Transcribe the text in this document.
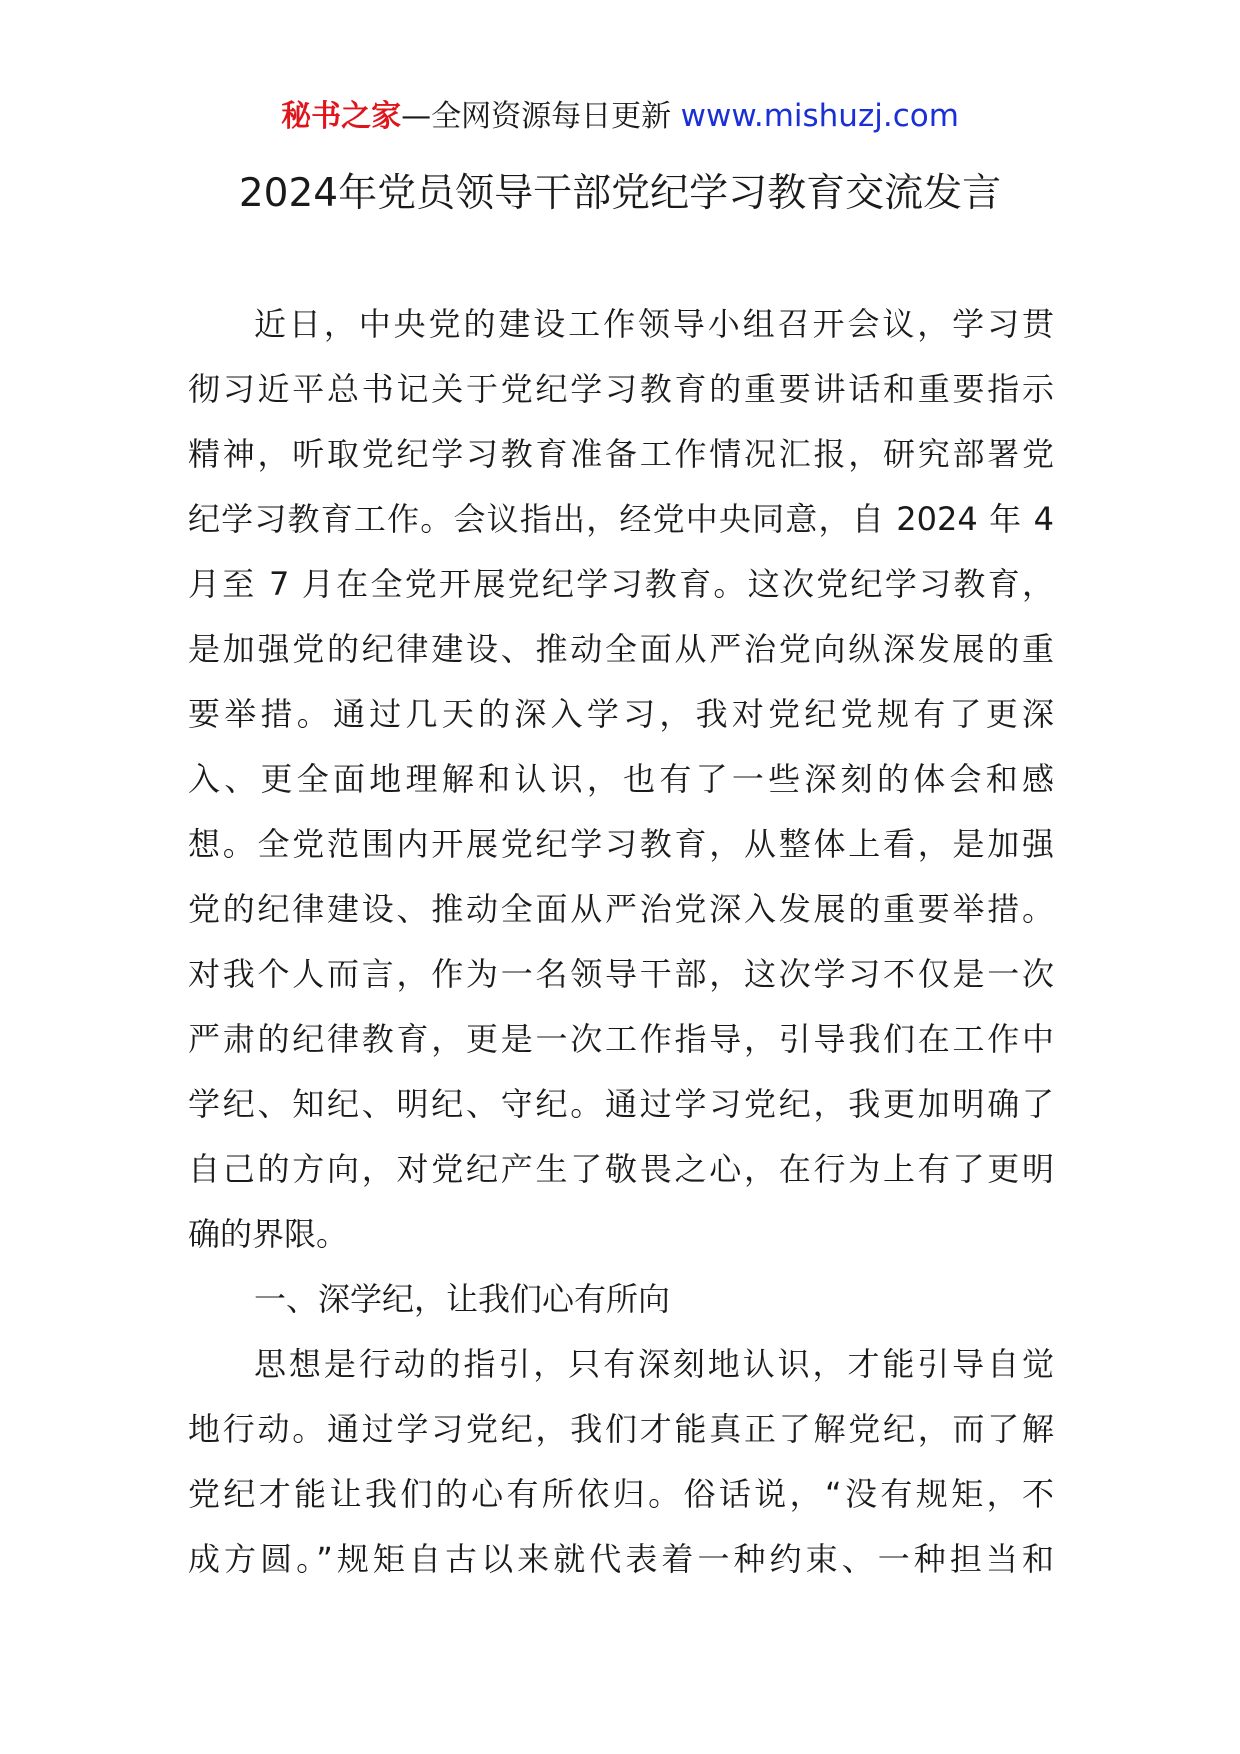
秘书之家—全网资源每日更新 www.mishuzj.com
2024年党员领导干部党纪学习教育交流发言
近日，中央党的建设工作领导小组召开会议，学习贯
彻习近平总书记关于党纪学习教育的重要讲话和重要指示
精神，听取党纪学习教育准备工作情况汇报，研究部署党
纪学习教育工作。会议指出，经党中央同意，自 2024 年 4
月至 7 月在全党开展党纪学习教育。这次党纪学习教育，
是加强党的纪律建设、推动全面从严治党向纵深发展的重
要举措。通过几天的深入学习，我对党纪党规有了更深
入、更全面地理解和认识，也有了一些深刻的体会和感
想。全党范围内开展党纪学习教育，从整体上看，是加强
党的纪律建设、推动全面从严治党深入发展的重要举措。
对我个人而言，作为一名领导干部，这次学习不仅是一次
严肃的纪律教育，更是一次工作指导，引导我们在工作中
学纪、知纪、明纪、守纪。通过学习党纪，我更加明确了
自己的方向，对党纪产生了敬畏之心，在行为上有了更明
确的界限。
一、深学纪，让我们心有所向
思想是行动的指引，只有深刻地认识，才能引导自觉
地行动。通过学习党纪，我们才能真正了解党纪，而了解
党纪才能让我们的心有所依归。俗话说，“没有规矩，不
成方圆。”规矩自古以来就代表着一种约束、一种担当和
